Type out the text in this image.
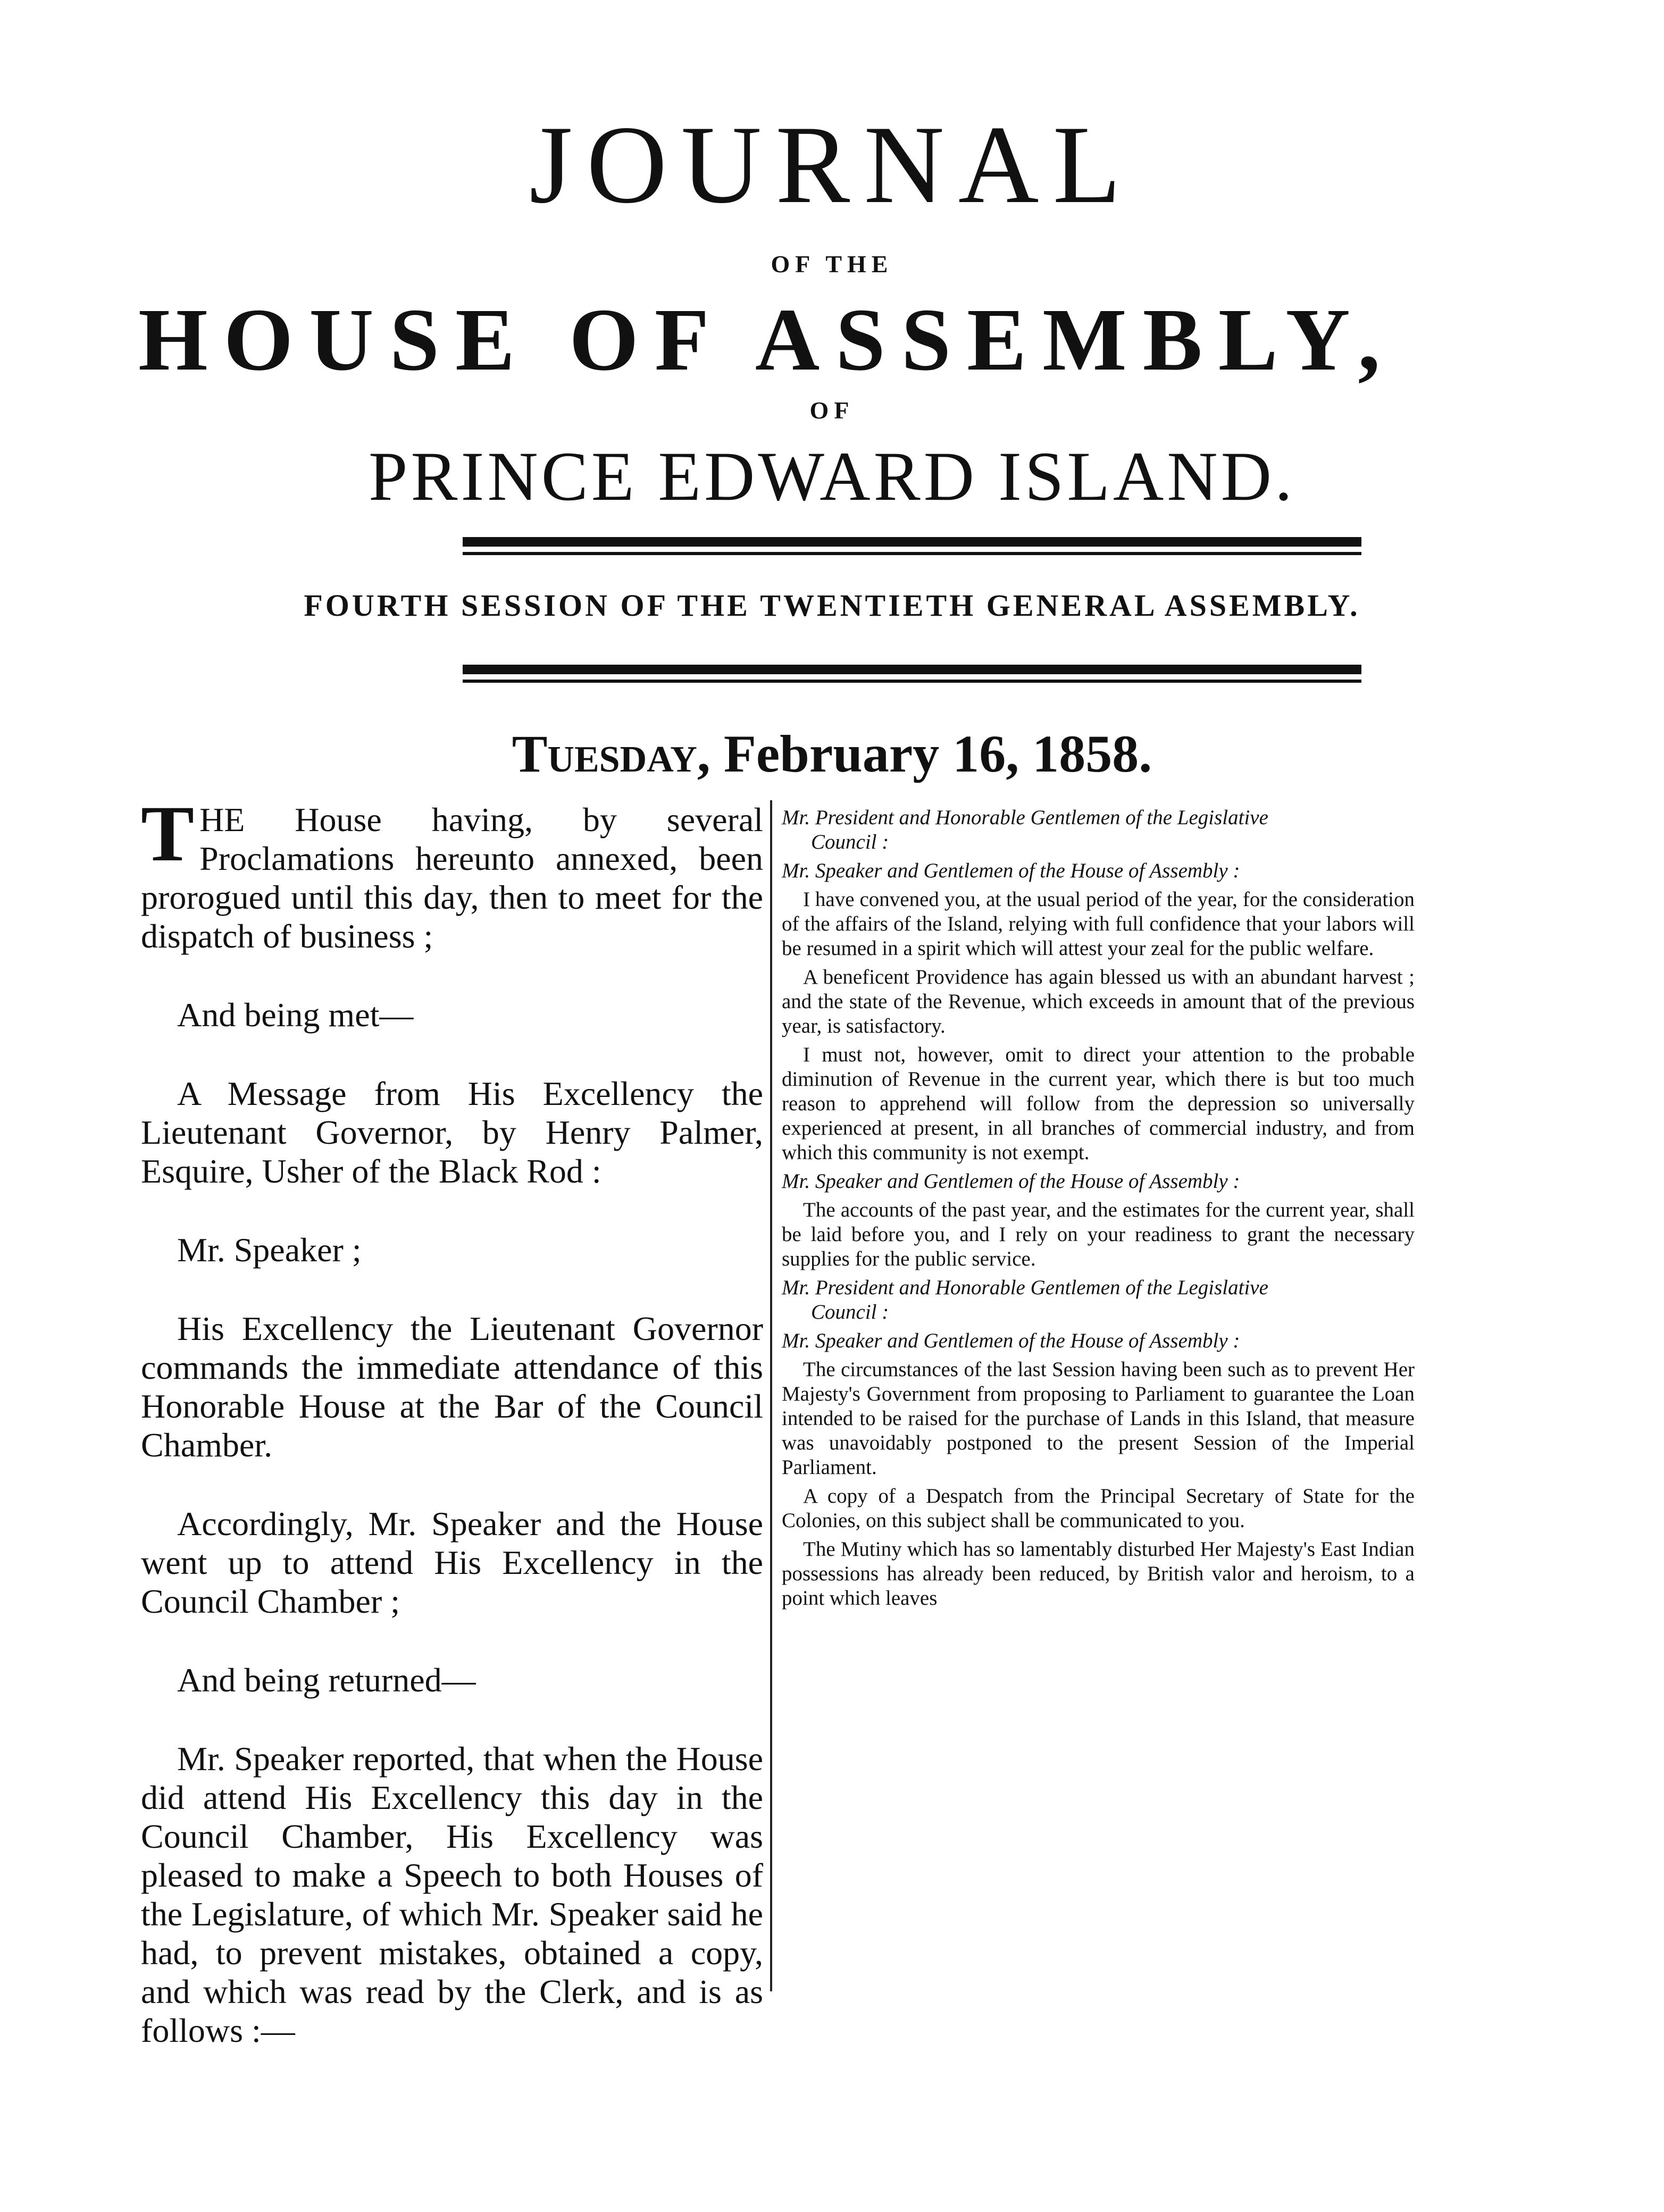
JOURNAL
OF THE
HOUSE OF ASSEMBLY,
OF
PRINCE EDWARD ISLAND.
FOURTH SESSION OF THE TWENTIETH GENERAL ASSEMBLY.
Tuesday, February 16, 1858.

THE House having, by several Proclamations hereunto annexed, been prorogued until this day, then to meet for the dispatch of business ;

And being met—

A Message from His Excellency the Lieutenant Governor, by Henry Palmer, Esquire, Usher of the Black Rod :

Mr. Speaker ;

His Excellency the Lieutenant Governor commands the immediate attendance of this Honorable House at the Bar of the Council Chamber.

Accordingly, Mr. Speaker and the House went up to attend His Excellency in the Council Chamber ;

And being returned—

Mr. Speaker reported, that when the House did attend His Excellency this day in the Council Chamber, His Excellency was pleased to make a Speech to both Houses of the Legislature, of which Mr. Speaker said he had, to prevent mistakes, obtained a copy, and which was read by the Clerk, and is as follows :—

Mr. President and Honorable Gentlemen of the Legislative
Council :

Mr. Speaker and Gentlemen of the House of Assembly :

I have convened you, at the usual period of the year, for the consideration of the affairs of the Island, relying with full confidence that your labors will be resumed in a spirit which will attest your zeal for the public welfare.

A beneficent Providence has again blessed us with an abundant harvest ; and the state of the Revenue, which exceeds in amount that of the previous year, is satisfactory.

I must not, however, omit to direct your attention to the probable diminution of Revenue in the current year, which there is but too much reason to apprehend will follow from the depression so universally experienced at present, in all branches of commercial industry, and from which this community is not exempt.

Mr. Speaker and Gentlemen of the House of Assembly :

The accounts of the past year, and the estimates for the current year, shall be laid before you, and I rely on your readiness to grant the necessary supplies for the public service.

Mr. President and Honorable Gentlemen of the Legislative
Council :

Mr. Speaker and Gentlemen of the House of Assembly :

The circumstances of the last Session having been such as to prevent Her Majesty's Government from proposing to Parliament to guarantee the Loan intended to be raised for the purchase of Lands in this Island, that measure was unavoidably postponed to the present Session of the Imperial Parliament.

A copy of a Despatch from the Principal Secretary of State for the Colonies, on this subject shall be communicated to you.

The Mutiny which has so lamentably disturbed Her Majesty's East Indian possessions has already been reduced, by British valor and heroism, to a point which leaves
